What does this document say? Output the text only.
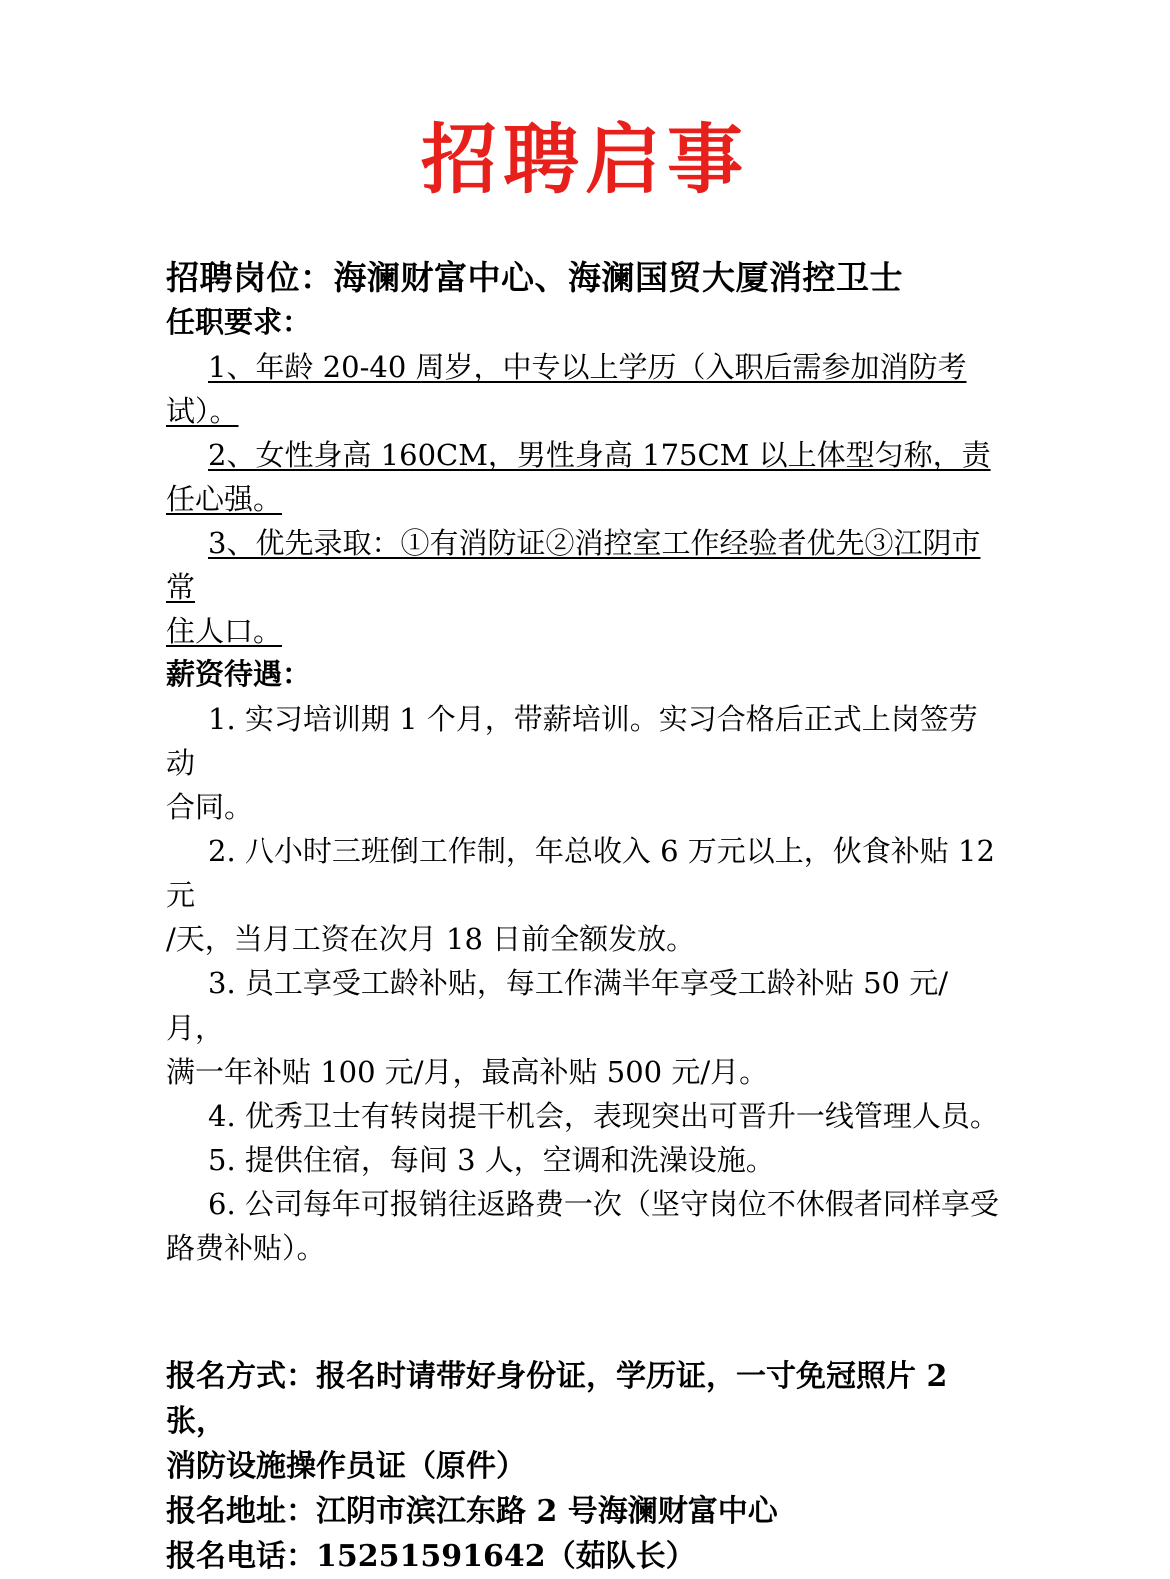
招聘启事

招聘岗位：海澜财富中心、海澜国贸大厦消控卫士

任职要求：

1、年龄 20-40 周岁，中专以上学历（入职后需参加消防考试）。

2、女性身高 160CM，男性身高 175CM 以上体型匀称，责任心强。

3、优先录取：①有消防证②消控室工作经验者优先③江阴市常

住人口。

薪资待遇：

1. 实习培训期 1 个月，带薪培训。实习合格后正式上岗签劳动

合同。

2. 八小时三班倒工作制，年总收入 6 万元以上，伙食补贴 12 元

/天，当月工资在次月 18 日前全额发放。

3. 员工享受工龄补贴，每工作满半年享受工龄补贴 50 元/月，

满一年补贴 100 元/月，最高补贴 500 元/月。

4. 优秀卫士有转岗提干机会，表现突出可晋升一线管理人员。

5. 提供住宿，每间 3 人，空调和洗澡设施。

6. 公司每年可报销往返路费一次（坚守岗位不休假者同样享受

路费补贴）。

报名方式：报名时请带好身份证，学历证，一寸免冠照片 2 张，

消防设施操作员证（原件）

报名地址：江阴市滨江东路 2 号海澜财富中心

报名电话：15251591642（茹队长）
